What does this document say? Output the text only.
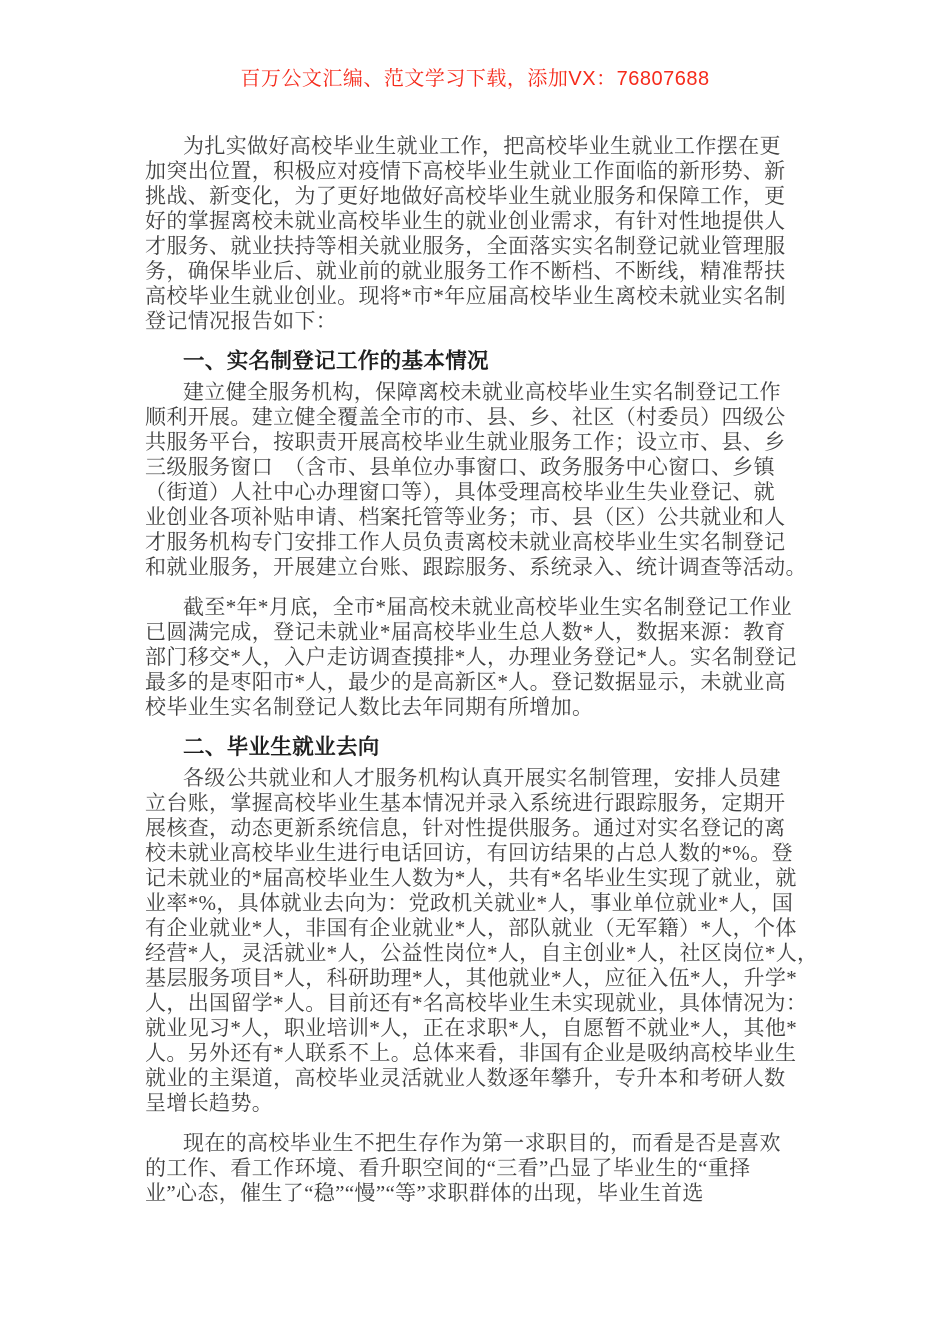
百万公文汇编、范文学习下载，添加VX：76807688

为扎实做好高校毕业生就业工作，把高校毕业生就业工作摆在更
加突出位置，积极应对疫情下高校毕业生就业工作面临的新形势、新
挑战、新变化，为了更好地做好高校毕业生就业服务和保障工作，更
好的掌握离校未就业高校毕业生的就业创业需求，有针对性地提供人
才服务、就业扶持等相关就业服务，全面落实实名制登记就业管理服
务，确保毕业后、就业前的就业服务工作不断档、不断线，精准帮扶
高校毕业生就业创业。现将*市*年应届高校毕业生离校未就业实名制
登记情况报告如下：

一、实名制登记工作的基本情况

建立健全服务机构，保障离校未就业高校毕业生实名制登记工作
顺利开展。建立健全覆盖全市的市、县、乡、社区（村委员）四级公
共服务平台，按职责开展高校毕业生就业服务工作；设立市、县、乡
三级服务窗口　（含市、县单位办事窗口、政务服务中心窗口、乡镇
（街道）人社中心办理窗口等），具体受理高校毕业生失业登记、就
业创业各项补贴申请、档案托管等业务；市、县（区）公共就业和人
才服务机构专门安排工作人员负责离校未就业高校毕业生实名制登记
和就业服务，开展建立台账、跟踪服务、系统录入、统计调查等活动。

截至*年*月底，全市*届高校未就业高校毕业生实名制登记工作业
已圆满完成，登记未就业*届高校毕业生总人数*人，数据来源：教育
部门移交*人，入户走访调查摸排*人，办理业务登记*人。实名制登记
最多的是枣阳市*人，最少的是高新区*人。登记数据显示，未就业高
校毕业生实名制登记人数比去年同期有所增加。

二、毕业生就业去向

各级公共就业和人才服务机构认真开展实名制管理，安排人员建
立台账，掌握高校毕业生基本情况并录入系统进行跟踪服务，定期开
展核查，动态更新系统信息，针对性提供服务。通过对实名登记的离
校未就业高校毕业生进行电话回访，有回访结果的占总人数的*%。登
记未就业的*届高校毕业生人数为*人，共有*名毕业生实现了就业，就
业率*%，具体就业去向为：党政机关就业*人，事业单位就业*人，国
有企业就业*人，非国有企业就业*人，部队就业（无军籍）*人，个体
经营*人，灵活就业*人，公益性岗位*人，自主创业*人，社区岗位*人，
基层服务项目*人，科研助理*人，其他就业*人，应征入伍*人，升学*
人，出国留学*人。目前还有*名高校毕业生未实现就业，具体情况为：
就业见习*人，职业培训*人，正在求职*人，自愿暂不就业*人，其他*
人。另外还有*人联系不上。总体来看，非国有企业是吸纳高校毕业生
就业的主渠道，高校毕业灵活就业人数逐年攀升，专升本和考研人数
呈增长趋势。

现在的高校毕业生不把生存作为第一求职目的，而看是否是喜欢
的工作、看工作环境、看升职空间的“三看”凸显了毕业生的“重择
业”心态，催生了“稳”“慢”“等”求职群体的出现，毕业生首选
